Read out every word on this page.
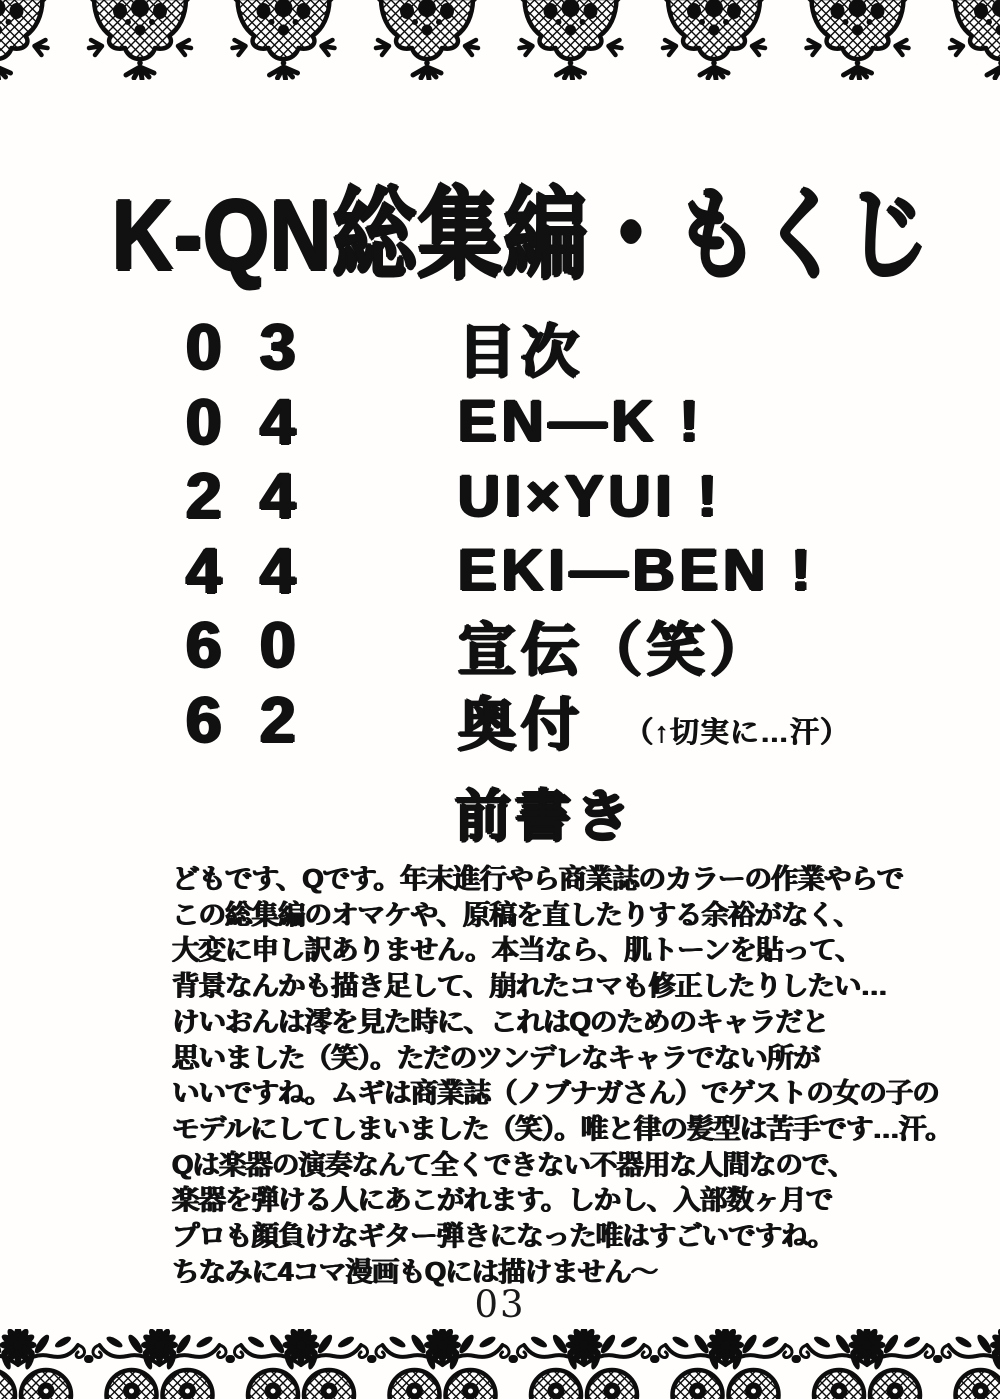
K-QN総集編・もくじ
03	目次
04	EN—K !
24	UI×YUI !
44	EKI—BEN !
60	宣伝（笑）
62	奥付 （↑切実に…汗）
前書き
どもです、Qです。年末進行やら商業誌のカラーの作業やらで
この総集編のオマケや、原稿を直したりする余裕がなく、
大変に申し訳ありません。本当なら、肌トーンを貼って、
背景なんかも描き足して、崩れたコマも修正したりしたい…
けいおんは澪を見た時に、これはQのためのキャラだと
思いました（笑）。ただのツンデレなキャラでない所が
いいですね。ムギは商業誌（ノブナガさん）でゲストの女の子の
モデルにしてしまいました（笑）。唯と律の髪型は苦手です…汗。
Qは楽器の演奏なんて全くできない不器用な人間なので、
楽器を弾ける人にあこがれます。しかし、入部数ヶ月で
プロも顔負けなギター弾きになった唯はすごいですね。
ちなみに4コマ漫画もQには描けません～
03
